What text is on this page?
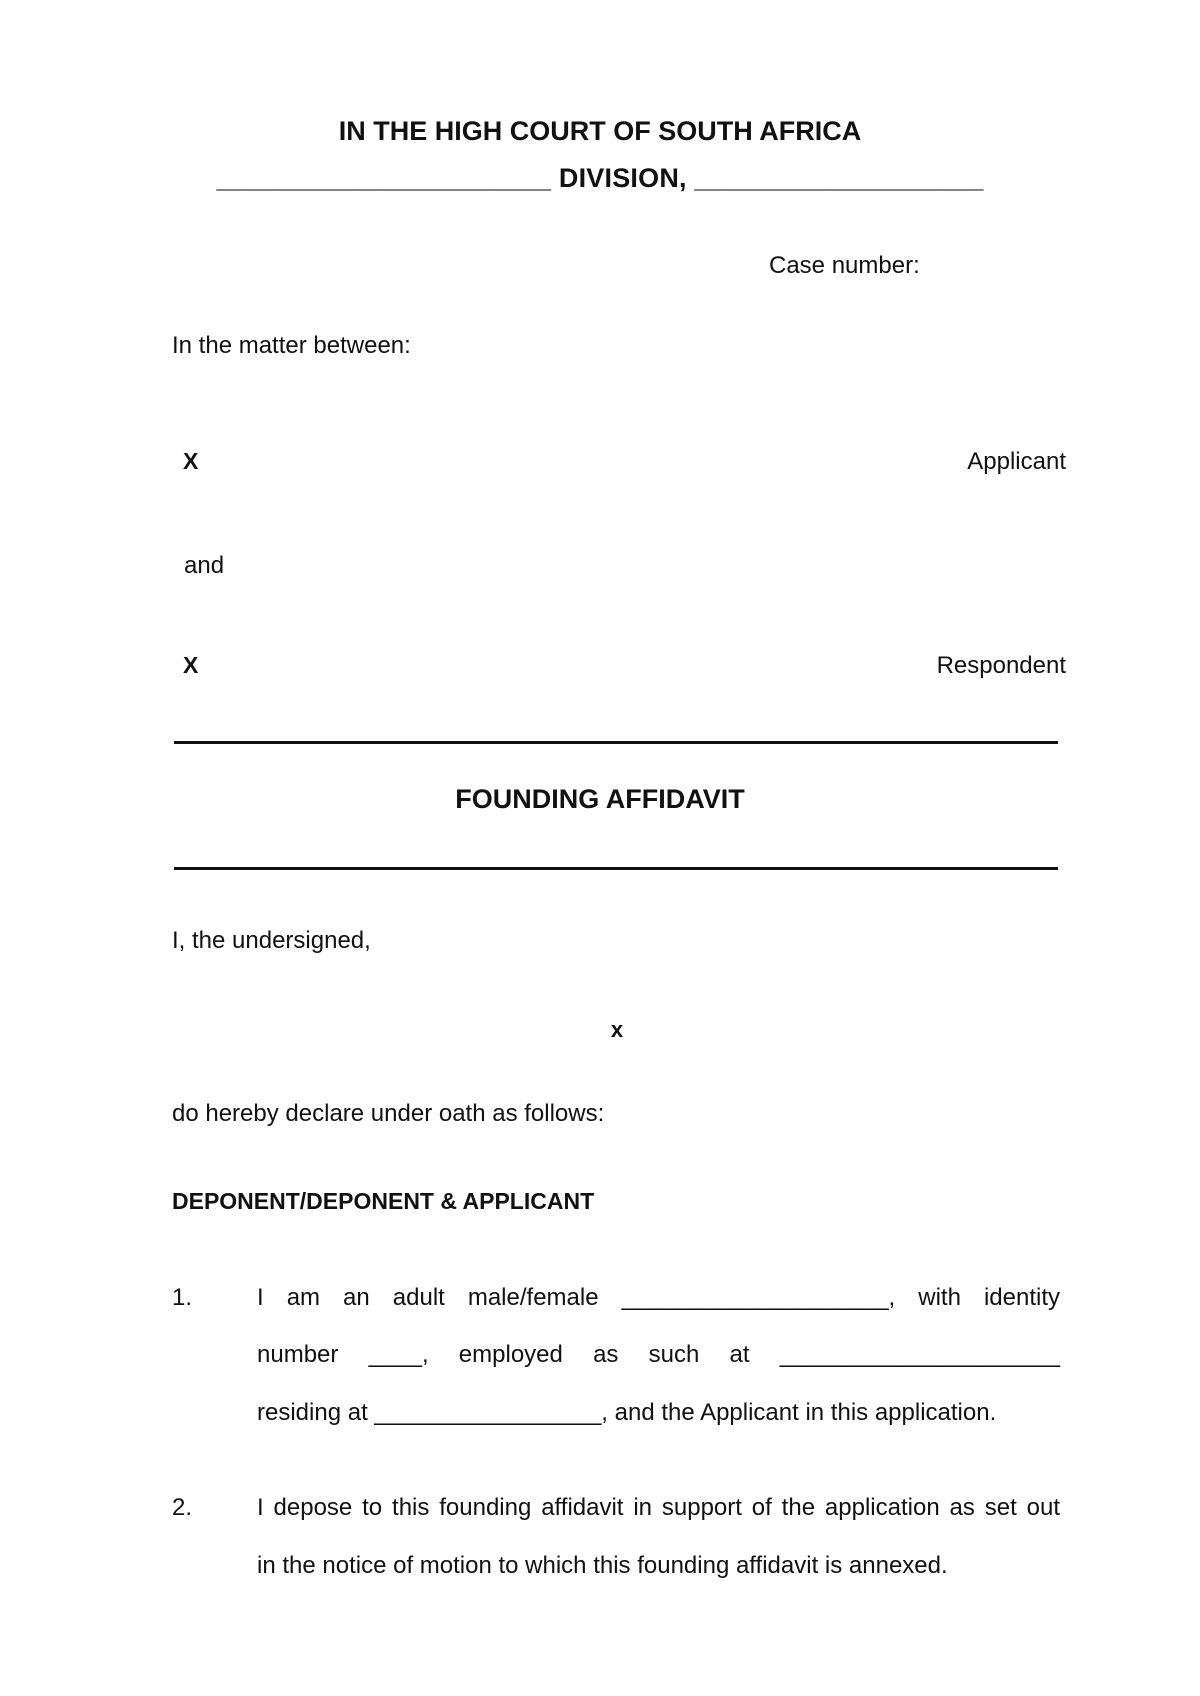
IN THE HIGH COURT OF SOUTH AFRICA
______________________ DIVISION, ___________________
Case number:
In the matter between:
X	Applicant
and
X	Respondent
FOUNDING AFFIDAVIT
I, the undersigned,
x
do hereby declare under oath as follows:
DEPONENT/DEPONENT & APPLICANT
1.	I am an adult male/female ____________________, with identity
number ____, employed as such at _____________________
residing at _________________, and the Applicant in this application.
2.	I depose to this founding affidavit in support of the application as set out
in the notice of motion to which this founding affidavit is annexed.
